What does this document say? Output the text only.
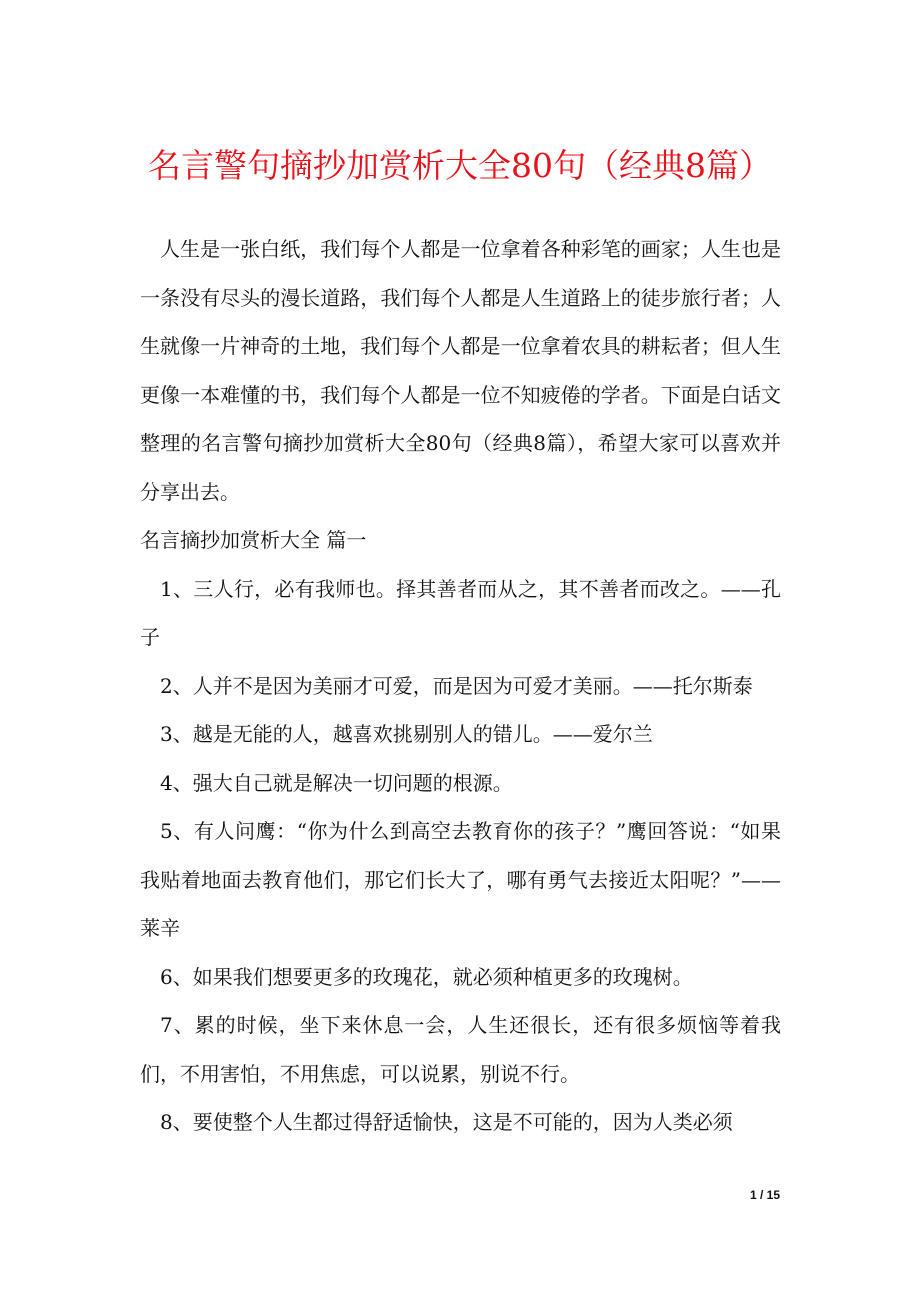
名言警句摘抄加赏析大全80句（经典8篇）

人生是一张白纸，我们每个人都是一位拿着各种彩笔的画家；人生也是一条没有尽头的漫长道路，我们每个人都是人生道路上的徒步旅行者；人生就像一片神奇的土地，我们每个人都是一位拿着农具的耕耘者；但人生更像一本难懂的书，我们每个人都是一位不知疲倦的学者。下面是白话文整理的名言警句摘抄加赏析大全80句（经典8篇），希望大家可以喜欢并分享出去。

名言摘抄加赏析大全 篇一

1、三人行，必有我师也。择其善者而从之，其不善者而改之。——孔子

2、人并不是因为美丽才可爱，而是因为可爱才美丽。——托尔斯泰

3、越是无能的人，越喜欢挑剔别人的错儿。——爱尔兰

4、强大自己就是解决一切问题的根源。

5、有人问鹰：“你为什么到高空去教育你的孩子？”鹰回答说：“如果我贴着地面去教育他们，那它们长大了，哪有勇气去接近太阳呢？”——莱辛

6、如果我们想要更多的玫瑰花，就必须种植更多的玫瑰树。

7、累的时候，坐下来休息一会，人生还很长，还有很多烦恼等着我们，不用害怕，不用焦虑，可以说累，别说不行。

8、要使整个人生都过得舒适愉快，这是不可能的，因为人类必须

1 / 15
